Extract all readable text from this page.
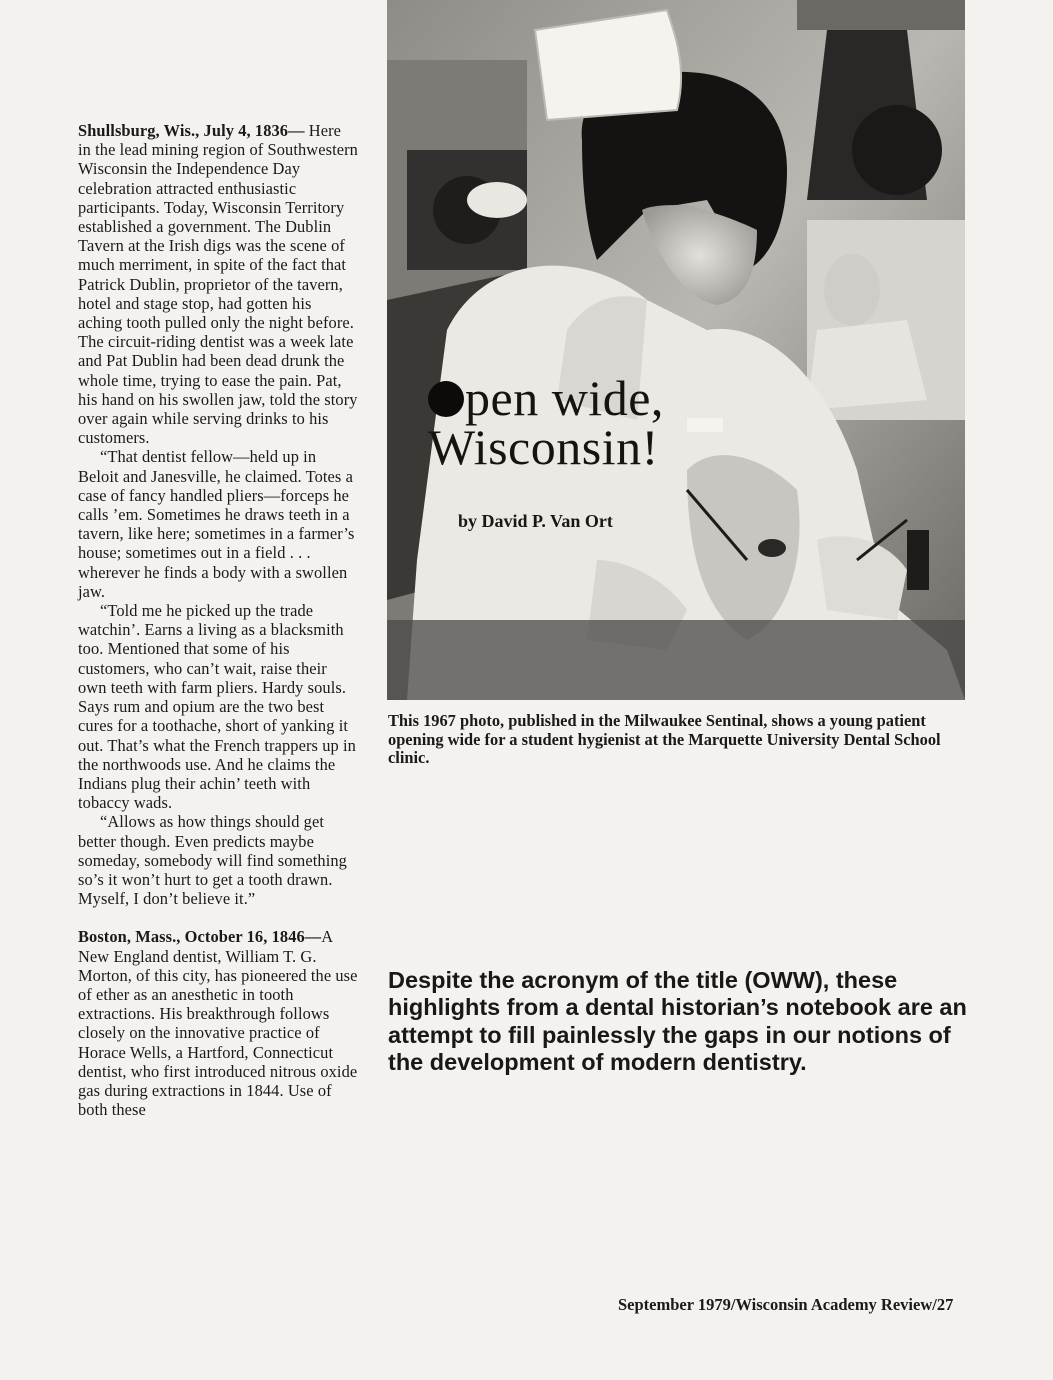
Shullsburg, Wis., July 4, 1836— Here in the lead mining region of Southwestern Wisconsin the Independence Day celebration attracted enthusiastic participants. Today, Wisconsin Territory established a government. The Dublin Tavern at the Irish digs was the scene of much merriment, in spite of the fact that Patrick Dublin, proprietor of the tavern, hotel and stage stop, had gotten his aching tooth pulled only the night before. The circuit-riding dentist was a week late and Pat Dublin had been dead drunk the whole time, trying to ease the pain. Pat, his hand on his swollen jaw, told the story over again while serving drinks to his customers.

“That dentist fellow—held up in Beloit and Janesville, he claimed. Totes a case of fancy handled pliers—forceps he calls ’em. Sometimes he draws teeth in a tavern, like here; sometimes in a farmer’s house; sometimes out in a field . . . wherever he finds a body with a swollen jaw.

“Told me he picked up the trade watchin’. Earns a living as a blacksmith too. Mentioned that some of his customers, who can’t wait, raise their own teeth with farm pliers. Hardy souls. Says rum and opium are the two best cures for a toothache, short of yanking it out. That’s what the French trappers up in the northwoods use. And he claims the Indians plug their achin’ teeth with tobaccy wads.

“Allows as how things should get better though. Even predicts maybe someday, somebody will find something so’s it won’t hurt to get a tooth drawn. Myself, I don’t believe it.”

Boston, Mass., October 16, 1846—A New England dentist, William T. G. Morton, of this city, has pioneered the use of ether as an anesthetic in tooth extractions. His breakthrough follows closely on the innovative practice of Horace Wells, a Hartford, Connecticut dentist, who first introduced nitrous oxide gas during extractions in 1844. Use of both these

pen wide,
Wisconsin!
by David P. Van Ort
This 1967 photo, published in the Milwaukee Sentinal, shows a young patient opening wide for a student hygienist at the Marquette University Dental School clinic.
Despite the acronym of the title (OWW), these highlights from a dental historian’s notebook are an attempt to fill painlessly the gaps in our notions of the development of modern dentistry.
September 1979/Wisconsin Academy Review/27
